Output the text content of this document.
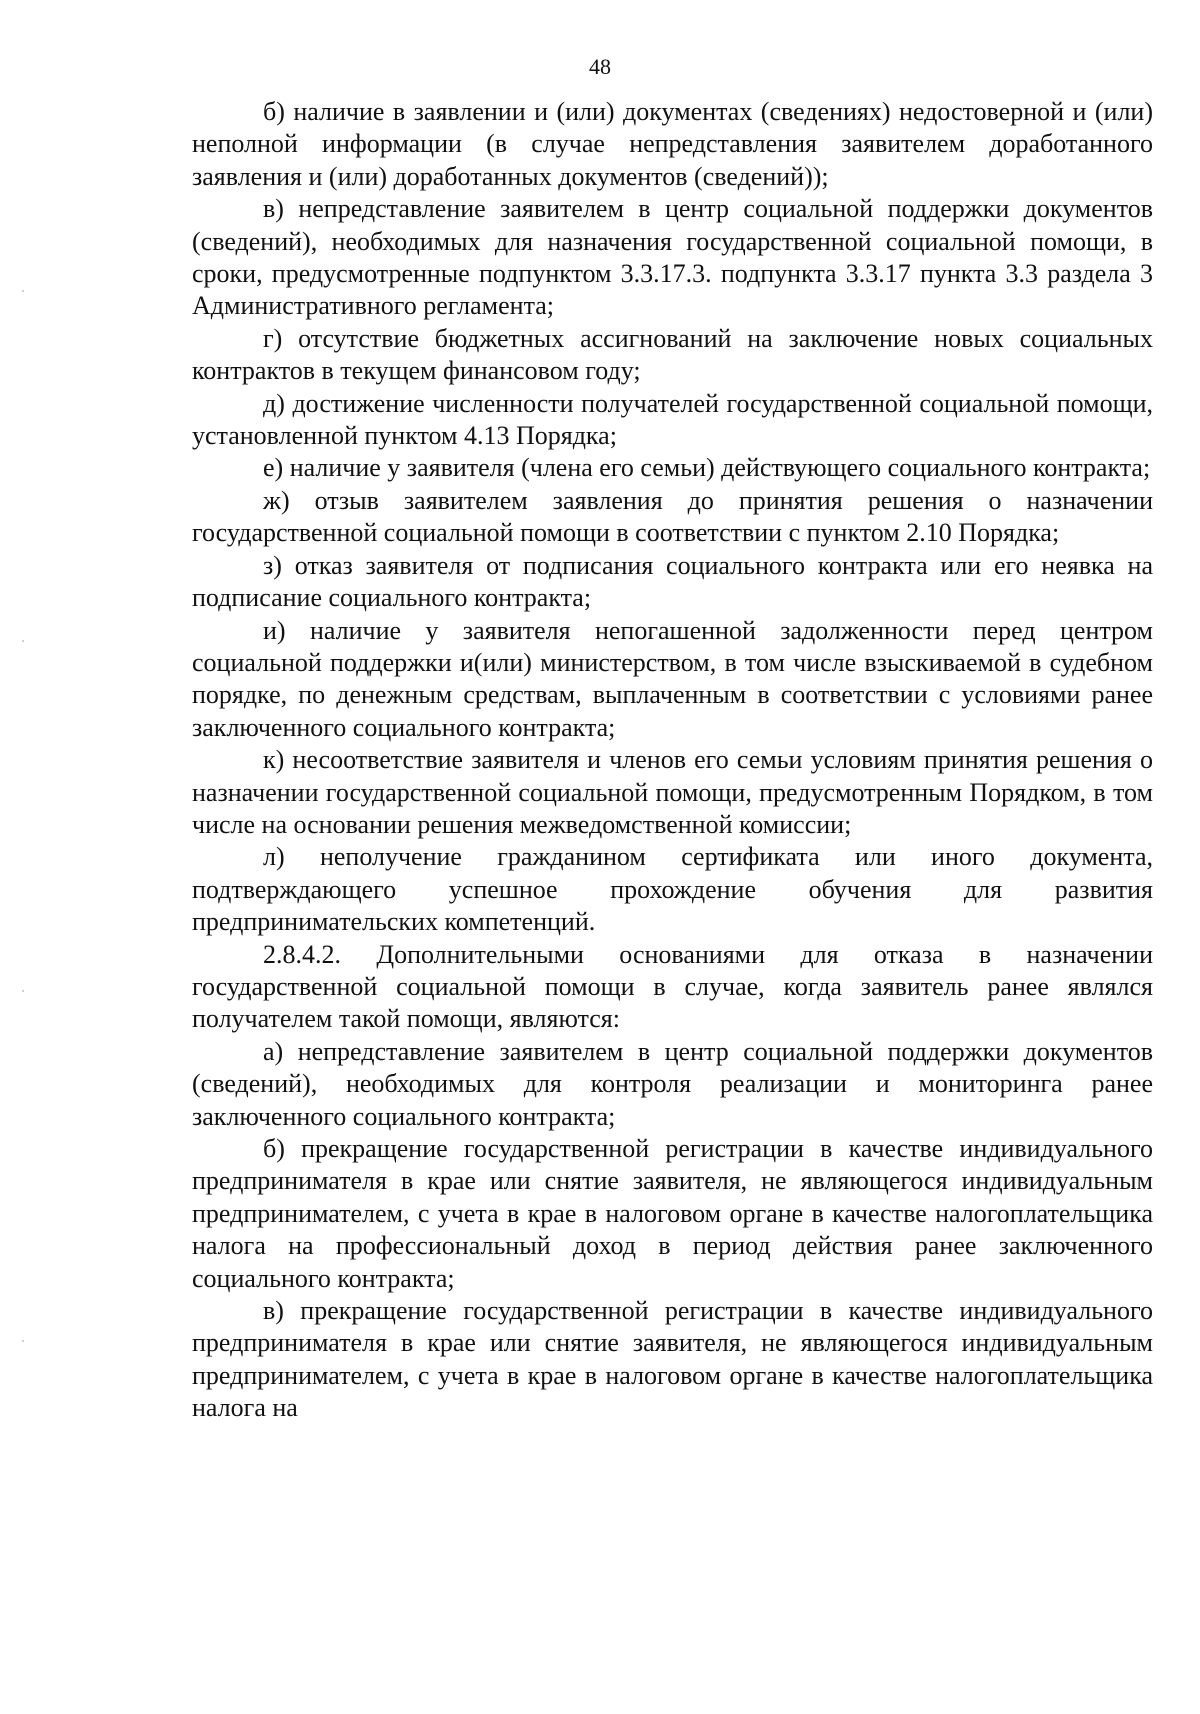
48

б) наличие в заявлении и (или) документах (сведениях) недостоверной и (или) неполной информации (в случае непредставления заявителем доработанного заявления и (или) доработанных документов (сведений));

в) непредставление заявителем в центр социальной поддержки документов (сведений), необходимых для назначения государственной социальной помощи, в сроки, предусмотренные подпунктом 3.3.17.3. подпункта 3.3.17 пункта 3.3 раздела 3 Административного регламента;

г) отсутствие бюджетных ассигнований на заключение новых социальных контрактов в текущем финансовом году;

д) достижение численности получателей государственной социальной помощи, установленной пунктом 4.13 Порядка;

е) наличие у заявителя (члена его семьи) действующего социального контракта;

ж) отзыв заявителем заявления до принятия решения о назначении государственной социальной помощи в соответствии с пунктом 2.10 Порядка;

з) отказ заявителя от подписания социального контракта или его неявка на подписание социального контракта;

и) наличие у заявителя непогашенной задолженности перед центром социальной поддержки и(или) министерством, в том числе взыскиваемой в судебном порядке, по денежным средствам, выплаченным в соответствии с условиями ранее заключенного социального контракта;

к) несоответствие заявителя и членов его семьи условиям принятия решения о назначении государственной социальной помощи, предусмотренным Порядком, в том числе на основании решения межведомственной комиссии;

л) неполучение гражданином сертификата или иного документа, подтверждающего успешное прохождение обучения для развития предпринимательских компетенций.

2.8.4.2. Дополнительными основаниями для отказа в назначении государственной социальной помощи в случае, когда заявитель ранее являлся получателем такой помощи, являются:

а) непредставление заявителем в центр социальной поддержки документов (сведений), необходимых для контроля реализации и мониторинга ранее заключенного социального контракта;

б) прекращение государственной регистрации в качестве индивидуального предпринимателя в крае или снятие заявителя, не являющегося индивидуальным предпринимателем, с учета в крае в налоговом органе в качестве налогоплательщика налога на профессиональный доход в период действия ранее заключенного социального контракта;

в) прекращение государственной регистрации в качестве индивидуального предпринимателя в крае или снятие заявителя, не являющегося индивидуальным предпринимателем, с учета в крае в налоговом органе в качестве налогоплательщика налога на
